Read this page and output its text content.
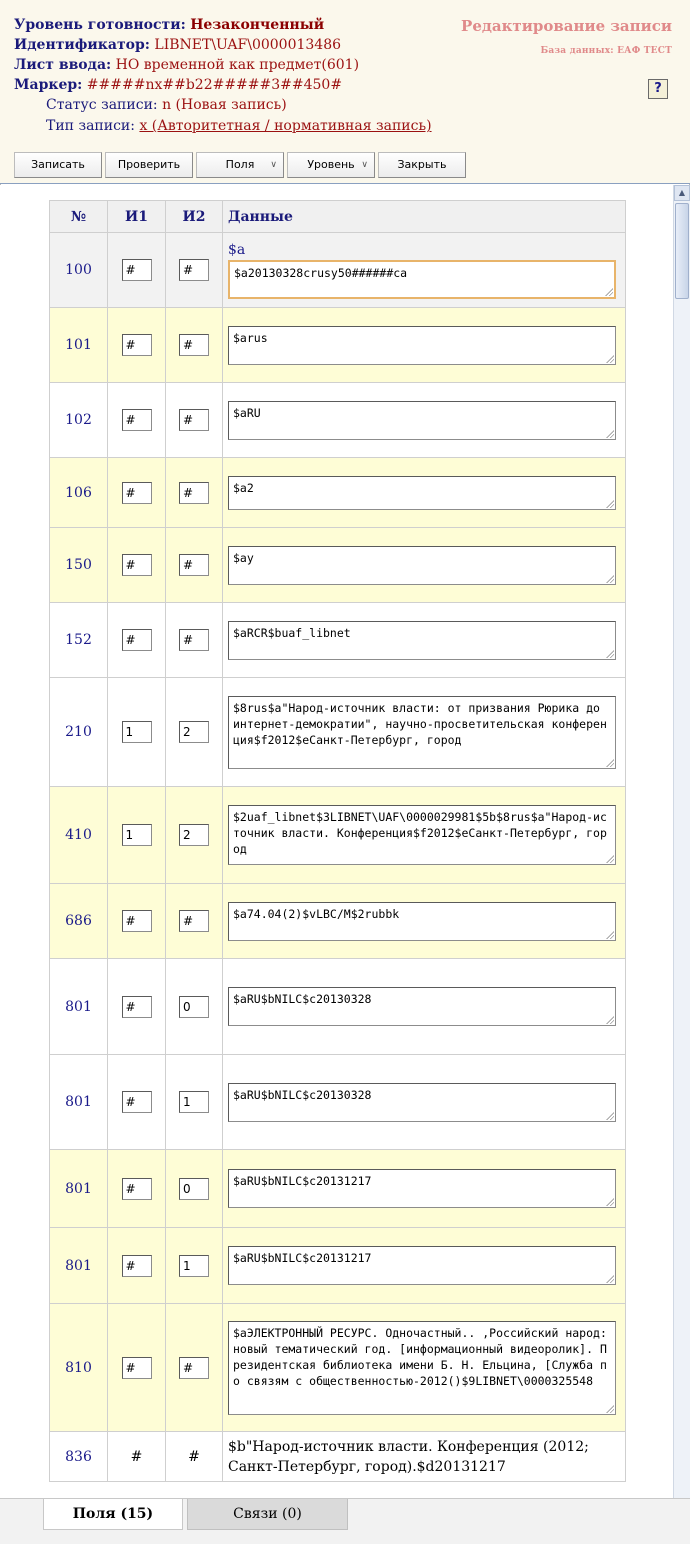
Уровень готовности: Незаконченный
Идентификатор: LIBNET\UAF\0000013486
Лист ввода: НО временной как предмет(601)
Маркер: #####nx##b22#####3##450#
Статус записи: n (Новая запись)
Тип записи: x (Авторитетная / нормативная запись)
Редактирование записи
База данных: ЕАФ ТЕСТ
?
Записать	Проверить	Поля ∨	Уровень ∨	Закрыть
№	И1	И2	Данные
100	#	#	$a
$a20130328crusy50######ca

101	#	#	$arus

102	#	#	$aRU

106	#	#	$a2

150	#	#	$ay

152	#	#	$aRCR$buaf_libnet

210	1	2	$8rus$a"Народ-источник власти: от призвания Рюрика до интернет-демократии", научно-просветительская конференция$f2012$eСанкт-Петербург, город

410	1	2	$2uaf_libnet$3LIBNET\UAF\0000029981$5b$8rus$a"Народ-источник власти. Конференция$f2012$eСанкт-Петербург, город

686	#	#	$a74.04(2)$vLBC/M$2rubbk

801	#	0	$aRU$bNILC$c20130328

801	#	1	$aRU$bNILC$c20130328

801	#	0	$aRU$bNILC$c20131217

801	#	1	$aRU$bNILC$c20131217

810	#	#	$aЭЛЕКТРОННЫЙ РЕСУРС. Одночастный.. ,Российский народ: новый тематический год. [информационный видеоролик]. Президентская библиотека имени Б. Н. Ельцина, [Служба по связям с общественностью-2012()$9LIBNET\0000325548

836	#	#	$b"Народ-источник власти. Конференция (2012; Санкт-Петербург, город).$d20131217
▲
Поля (15)	Связи (0)
